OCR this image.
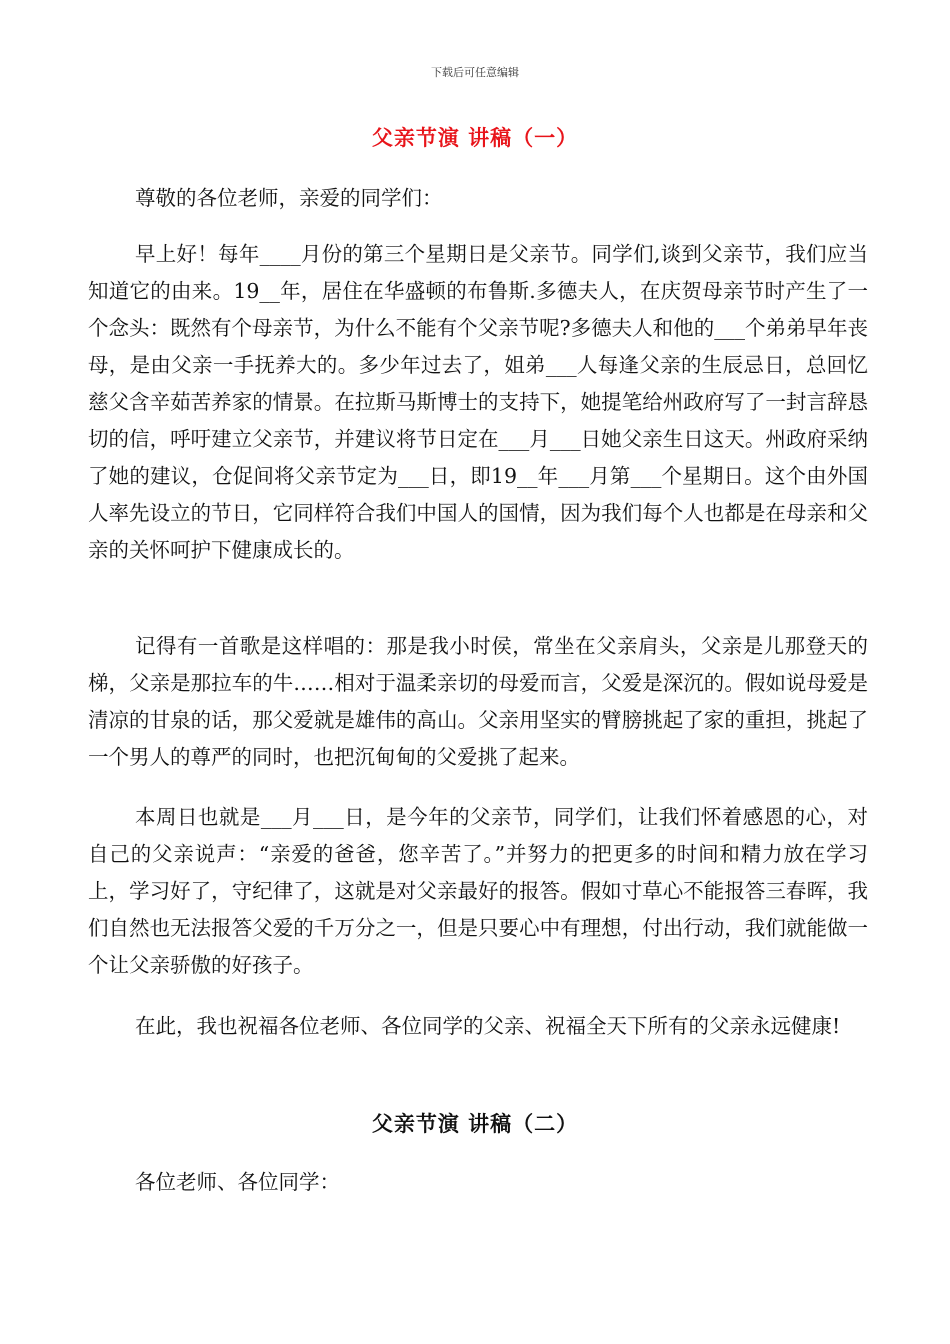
下载后可任意编辑
父亲节演 讲稿（一）

尊敬的各位老师，亲爱的同学们：

早上好！每年____月份的第三个星期日是父亲节。同学们,谈到父亲节，我们应当知道它的由来。19__年，居住在华盛顿的布鲁斯.多德夫人，在庆贺母亲节时产生了一个念头：既然有个母亲节，为什么不能有个父亲节呢?多德夫人和他的___个弟弟早年丧母，是由父亲一手抚养大的。多少年过去了，姐弟___人每逢父亲的生辰忌日，总回忆慈父含辛茹苦养家的情景。在拉斯马斯博士的支持下，她提笔给州政府写了一封言辞恳切的信，呼吁建立父亲节，并建议将节日定在___月___日她父亲生日这天。州政府采纳了她的建议，仓促间将父亲节定为___日，即19__年___月第___个星期日。这个由外国人率先设立的节日，它同样符合我们中国人的国情，因为我们每个人也都是在母亲和父亲的关怀呵护下健康成长的。

记得有一首歌是这样唱的：那是我小时侯，常坐在父亲肩头，父亲是儿那登天的梯，父亲是那拉车的牛……相对于温柔亲切的母爱而言，父爱是深沉的。假如说母爱是清凉的甘泉的话，那父爱就是雄伟的高山。父亲用坚实的臂膀挑起了家的重担，挑起了一个男人的尊严的同时，也把沉甸甸的父爱挑了起来。

本周日也就是___月___日，是今年的父亲节，同学们，让我们怀着感恩的心，对自己的父亲说声：“亲爱的爸爸，您辛苦了。”并努力的把更多的时间和精力放在学习上，学习好了，守纪律了，这就是对父亲最好的报答。假如寸草心不能报答三春晖，我们自然也无法报答父爱的千万分之一，但是只要心中有理想，付出行动，我们就能做一个让父亲骄傲的好孩子。

在此，我也祝福各位老师、各位同学的父亲、祝福全天下所有的父亲永远健康!

父亲节演 讲稿（二）

各位老师、各位同学：
